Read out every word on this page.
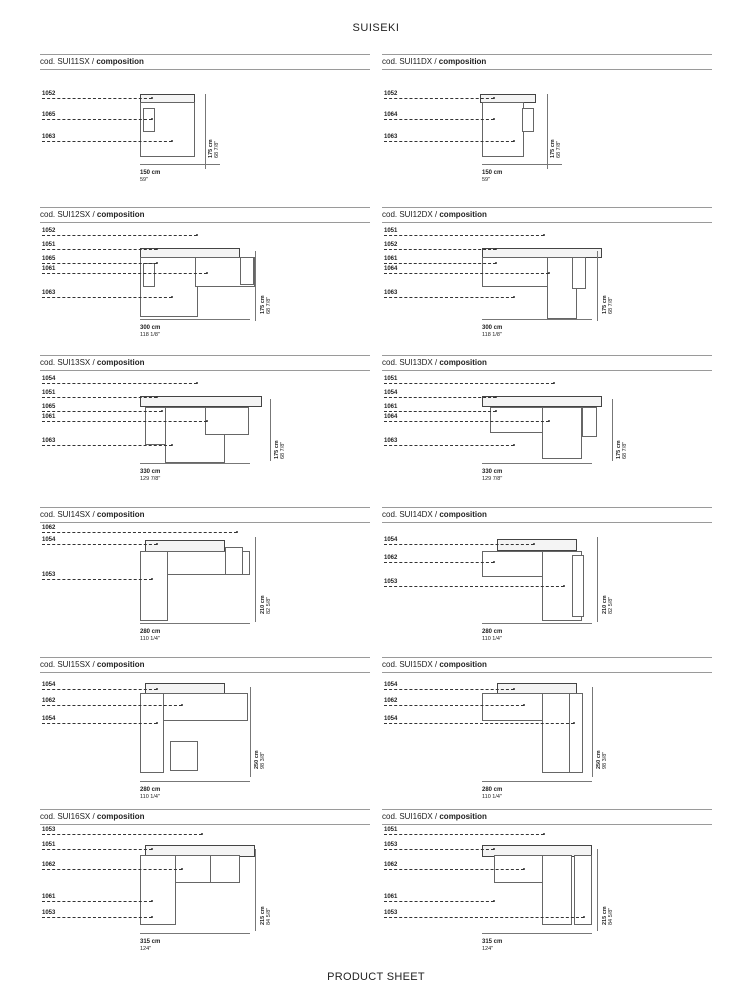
SUISEKI
cod. SUI11SX / composition
1052
1065
1063
150 cm
59"
175 cm 68 7/8"
cod. SUI11DX / composition
1052
1064
1063
150 cm
59"
175 cm 68 7/8"
cod. SUI12SX / composition
1052
1051
1065
1061
1063
300 cm
118 1/8"
175 cm 68 7/8"
cod. SUI12DX / composition
1051
1052
1061
1064
1063
300 cm
118 1/8"
175 cm 68 7/8"
cod. SUI13SX / composition
1054
1051
1065
1061
1063
330 cm
129 7/8"
175 cm 68 7/8"
cod. SUI13DX / composition
1051
1054
1061
1064
1063
330 cm
129 7/8"
175 cm 68 7/8"
cod. SUI14SX / composition
1062
1054
1053
280 cm
110 1/4"
210 cm 82 5/8"
cod. SUI14DX / composition
1054
1062
1053
280 cm
110 1/4"
210 cm 82 5/8"
cod. SUI15SX / composition
1054
1062
1054
280 cm
110 1/4"
250 cm 98 3/8"
cod. SUI15DX / composition
1054
1062
1054
280 cm
110 1/4"
250 cm 98 3/8"
cod. SUI16SX / composition
1053
1051
1062
1061
1053
315 cm
124"
215 cm 84 5/8"
cod. SUI16DX / composition
1051
1053
1062
1061
1053
315 cm
124"
215 cm 84 5/8"
PRODUCT SHEET
